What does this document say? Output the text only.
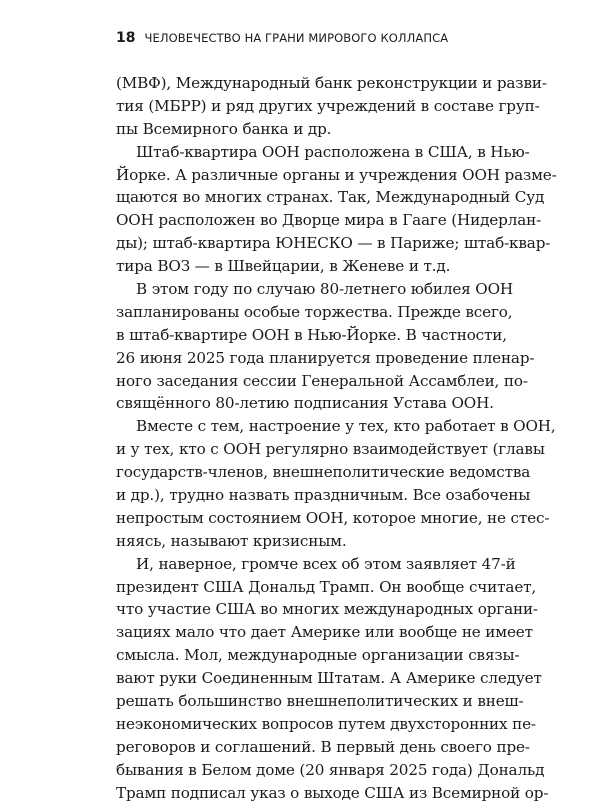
18 ЧЕЛОВЕЧЕСТВО НА ГРАНИ МИРОВОГО КОЛЛАПСА
(МВФ), Международный банк реконструкции и разви-
тия (МБРР) и ряд других учреждений в составе груп-
пы Всемирного банка и др.
Штаб-квартира ООН расположена в США, в Нью-
Йорке. А различные органы и учреждения ООН разме-
щаются во многих странах. Так, Международный Суд
ООН расположен во Дворце мира в Гааге (Нидерлан-
ды); штаб-квартира ЮНЕСКО — в Париже; штаб-квар-
тира ВОЗ — в Швейцарии, в Женеве и т.д.
В этом году по случаю 80-летнего юбилея ООН
запланированы особые торжества. Прежде всего,
в штаб-квартире ООН в Нью-Йорке. В частности,
26 июня 2025 года планируется проведение пленар-
ного заседания сессии Генеральной Ассамблеи, по-
свящённого 80-летию подписания Устава ООН.
Вместе с тем, настроение у тех, кто работает в ООН,
и у тех, кто с ООН регулярно взаимодействует (главы
государств-членов, внешнеполитические ведомства
и др.), трудно назвать праздничным. Все озабочены
непростым состоянием ООН, которое многие, не стес-
няясь, называют кризисным.
И, наверное, громче всех об этом заявляет 47-й
президент США Дональд Трамп. Он вообще считает,
что участие США во многих международных органи-
зациях мало что дает Америке или вообще не имеет
смысла. Мол, международные организации связы-
вают руки Соединенным Штатам. А Америке следует
решать большинство внешнеполитических и внеш-
неэкономических вопросов путем двухсторонних пе-
реговоров и соглашений. В первый день своего пре-
бывания в Белом доме (20 января 2025 года) Дональд
Трамп подписал указ о выходе США из Всемирной ор-
